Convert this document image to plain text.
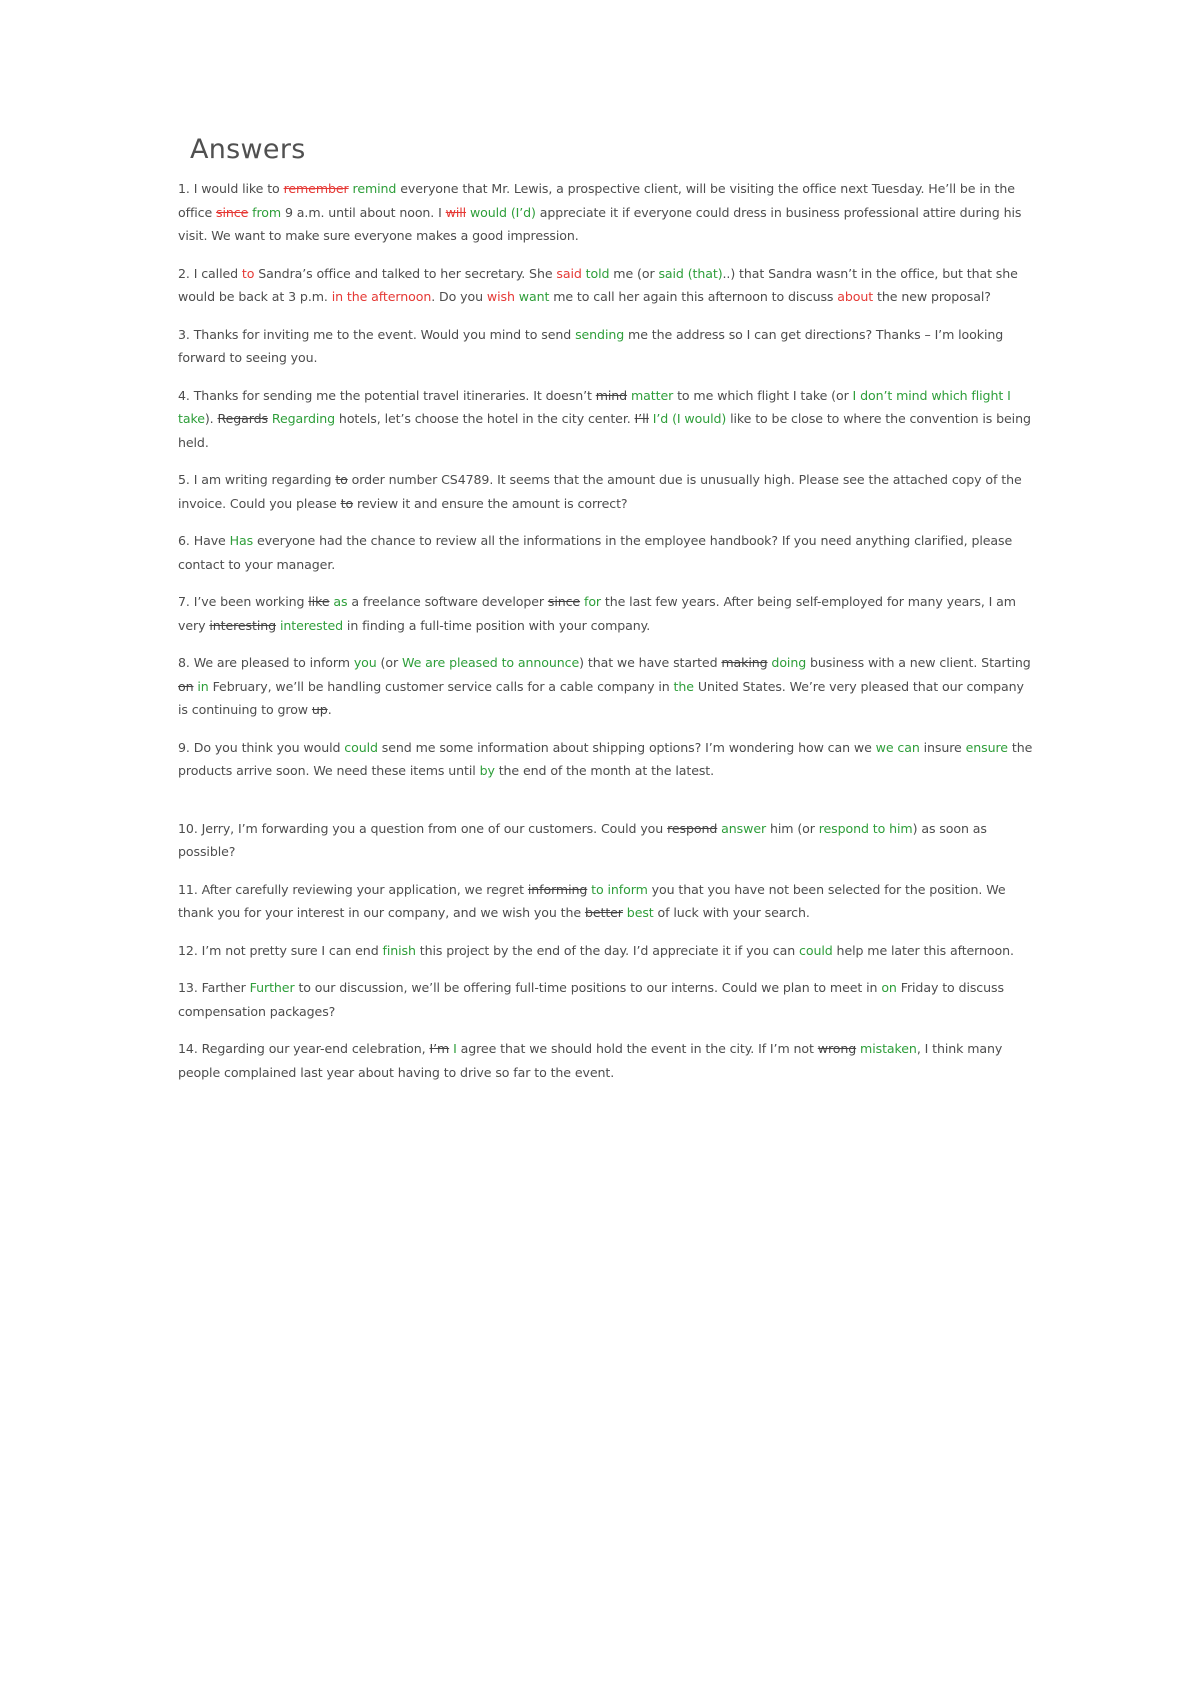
Answers

1. I would like to remember remind everyone that Mr. Lewis, a prospective client, will be visiting the office next Tuesday. He’ll be in the office since from 9 a.m. until about noon. I will would (I’d) appreciate it if everyone could dress in business professional attire during his visit. We want to make sure everyone makes a good impression.

2. I called to Sandra’s office and talked to her secretary. She said told me (or said (that)..) that Sandra wasn’t in the office, but that she would be back at 3 p.m. in the afternoon. Do you wish want me to call her again this afternoon to discuss about the new proposal?

3. Thanks for inviting me to the event. Would you mind to send sending me the address so I can get directions? Thanks – I’m looking forward to seeing you.

4. Thanks for sending me the potential travel itineraries. It doesn’t mind matter to me which flight I take (or I don’t mind which flight I take). Regards Regarding hotels, let’s choose the hotel in the city center. I’ll I’d (I would) like to be close to where the convention is being held.

5. I am writing regarding to order number CS4789. It seems that the amount due is unusually high. Please see the attached copy of the invoice. Could you please to review it and ensure the amount is correct?

6. Have Has everyone had the chance to review all the informations in the employee handbook? If you need anything clarified, please contact to your manager.

7. I’ve been working like as a freelance software developer since for the last few years. After being self-employed for many years, I am very interesting interested in finding a full-time position with your company.

8. We are pleased to inform you (or We are pleased to announce) that we have started making doing business with a new client. Starting on in February, we’ll be handling customer service calls for a cable company in the United States. We’re very pleased that our company is continuing to grow up.

9. Do you think you would could send me some information about shipping options? I’m wondering how can we we can insure ensure the products arrive soon. We need these items until by the end of the month at the latest.

10. Jerry, I’m forwarding you a question from one of our customers. Could you respond answer him (or respond to him) as soon as possible?

11. After carefully reviewing your application, we regret informing to inform you that you have not been selected for the position. We thank you for your interest in our company, and we wish you the better best of luck with your search.

12. I’m not pretty sure I can end finish this project by the end of the day. I’d appreciate it if you can could help me later this afternoon.

13. Farther Further to our discussion, we’ll be offering full-time positions to our interns. Could we plan to meet in on Friday to discuss compensation packages?

14. Regarding our year-end celebration, I’m I agree that we should hold the event in the city. If I’m not wrong mistaken, I think many people complained last year about having to drive so far to the event.
